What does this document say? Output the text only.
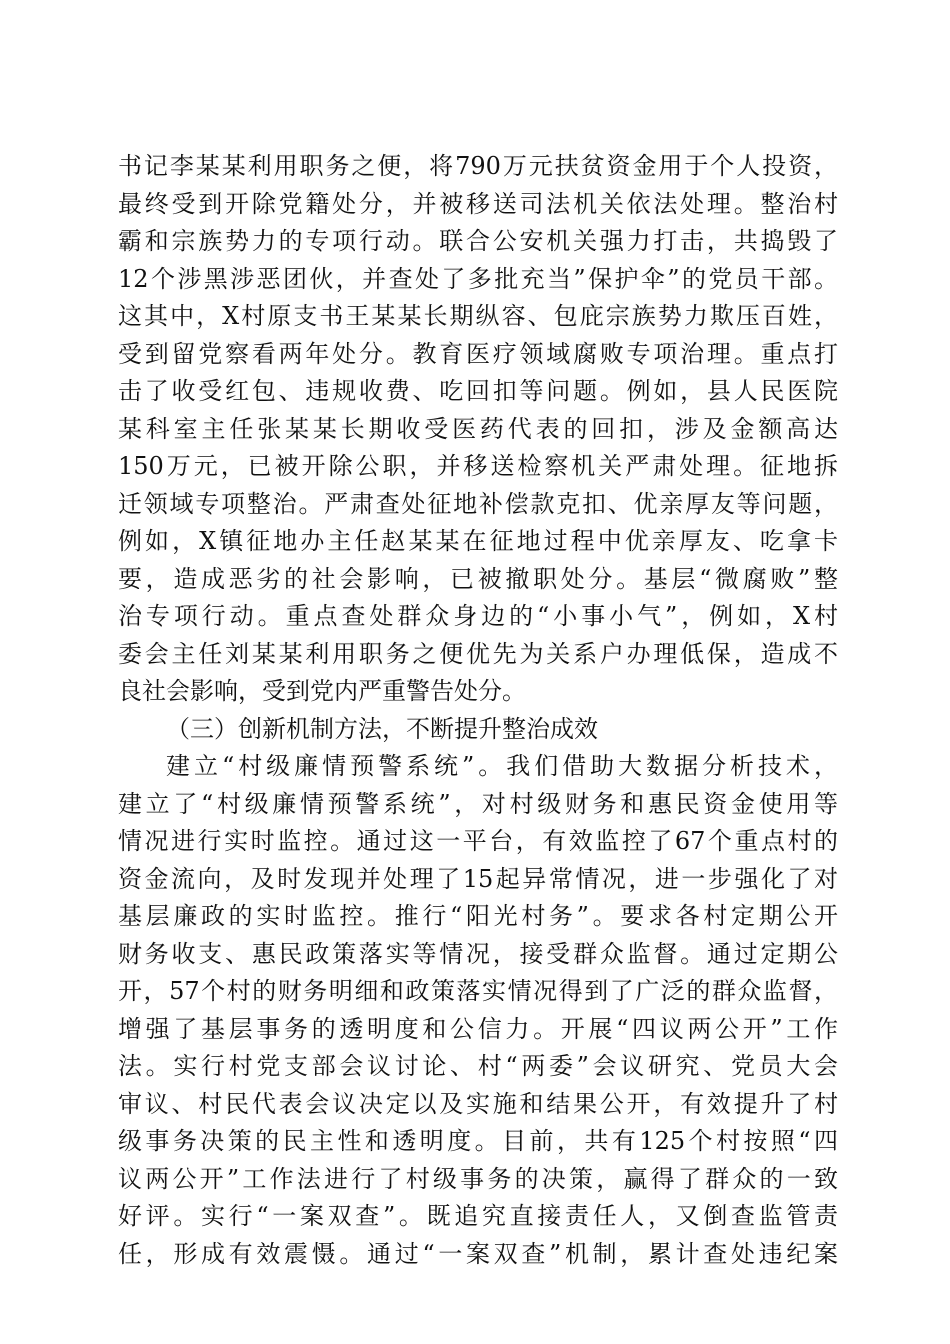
书记李某某利用职务之便，将790万元扶贫资金用于个人投资，
最终受到开除党籍处分，并被移送司法机关依法处理。整治村
霸和宗族势力的专项行动。联合公安机关强力打击，共捣毁了
12个涉黑涉恶团伙，并查处了多批充当”保护伞”的党员干部。
这其中，X村原支书王某某长期纵容、包庇宗族势力欺压百姓，
受到留党察看两年处分。教育医疗领域腐败专项治理。重点打
击了收受红包、违规收费、吃回扣等问题。例如，县人民医院
某科室主任张某某长期收受医药代表的回扣，涉及金额高达
150万元，已被开除公职，并移送检察机关严肃处理。征地拆
迁领域专项整治。严肃查处征地补偿款克扣、优亲厚友等问题，
例如，X镇征地办主任赵某某在征地过程中优亲厚友、吃拿卡
要，造成恶劣的社会影响，已被撤职处分。基层“微腐败”整
治专项行动。重点查处群众身边的“小事小气”，例如，X村
委会主任刘某某利用职务之便优先为关系户办理低保，造成不
良社会影响，受到党内严重警告处分。
（三）创新机制方法，不断提升整治成效
建立“村级廉情预警系统”。我们借助大数据分析技术，
建立了“村级廉情预警系统”，对村级财务和惠民资金使用等
情况进行实时监控。通过这一平台，有效监控了67个重点村的
资金流向，及时发现并处理了15起异常情况，进一步强化了对
基层廉政的实时监控。推行“阳光村务”。要求各村定期公开
财务收支、惠民政策落实等情况，接受群众监督。通过定期公
开，57个村的财务明细和政策落实情况得到了广泛的群众监督，
增强了基层事务的透明度和公信力。开展“四议两公开”工作
法。实行村党支部会议讨论、村“两委”会议研究、党员大会
审议、村民代表会议决定以及实施和结果公开，有效提升了村
级事务决策的民主性和透明度。目前，共有125个村按照“四
议两公开”工作法进行了村级事务的决策，赢得了群众的一致
好评。实行“一案双查”。既追究直接责任人，又倒查监管责
任，形成有效震慑。通过“一案双查”机制，累计查处违纪案
